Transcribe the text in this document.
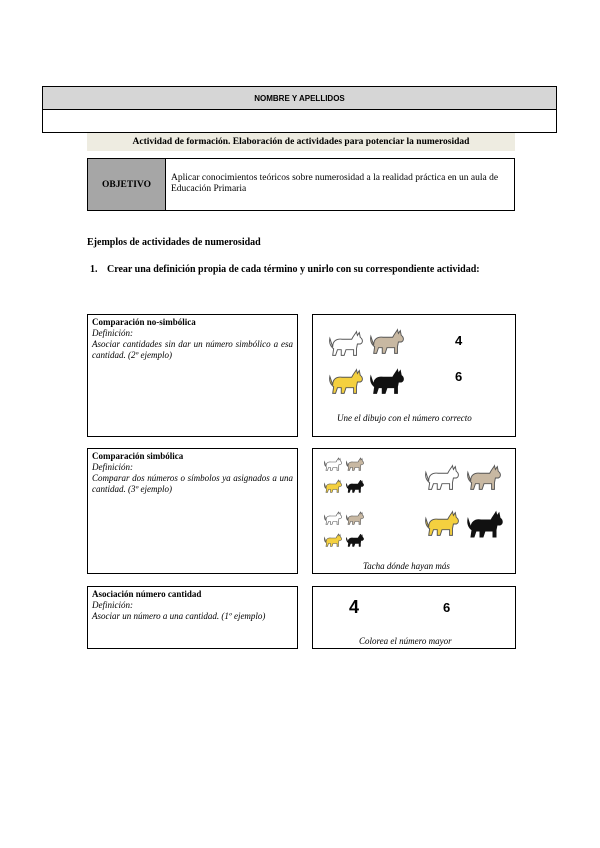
NOMBRE Y APELLIDOS
Actividad de formación. Elaboración de actividades para potenciar la numerosidad
OBJETIVO
Aplicar conocimientos teóricos sobre numerosidad a la realidad práctica en un aula de Educación Primaria
Ejemplos de actividades de numerosidad
1. Crear una definición propia de cada término y unirlo con su correspondiente actividad:
Comparación no-simbólica
Definición:
Asociar cantidades sin dar un número simbólico a esa cantidad. (2º ejemplo)
Comparación simbólica
Definición:
Comparar dos números o símbolos ya asignados a una cantidad. (3º ejemplo)
Asociación número cantidad
Definición:
Asociar un número a una cantidad. (1º ejemplo)
4
6
Une el dibujo con el número correcto
Tacha dónde hayan más
4	6
Colorea el número mayor
